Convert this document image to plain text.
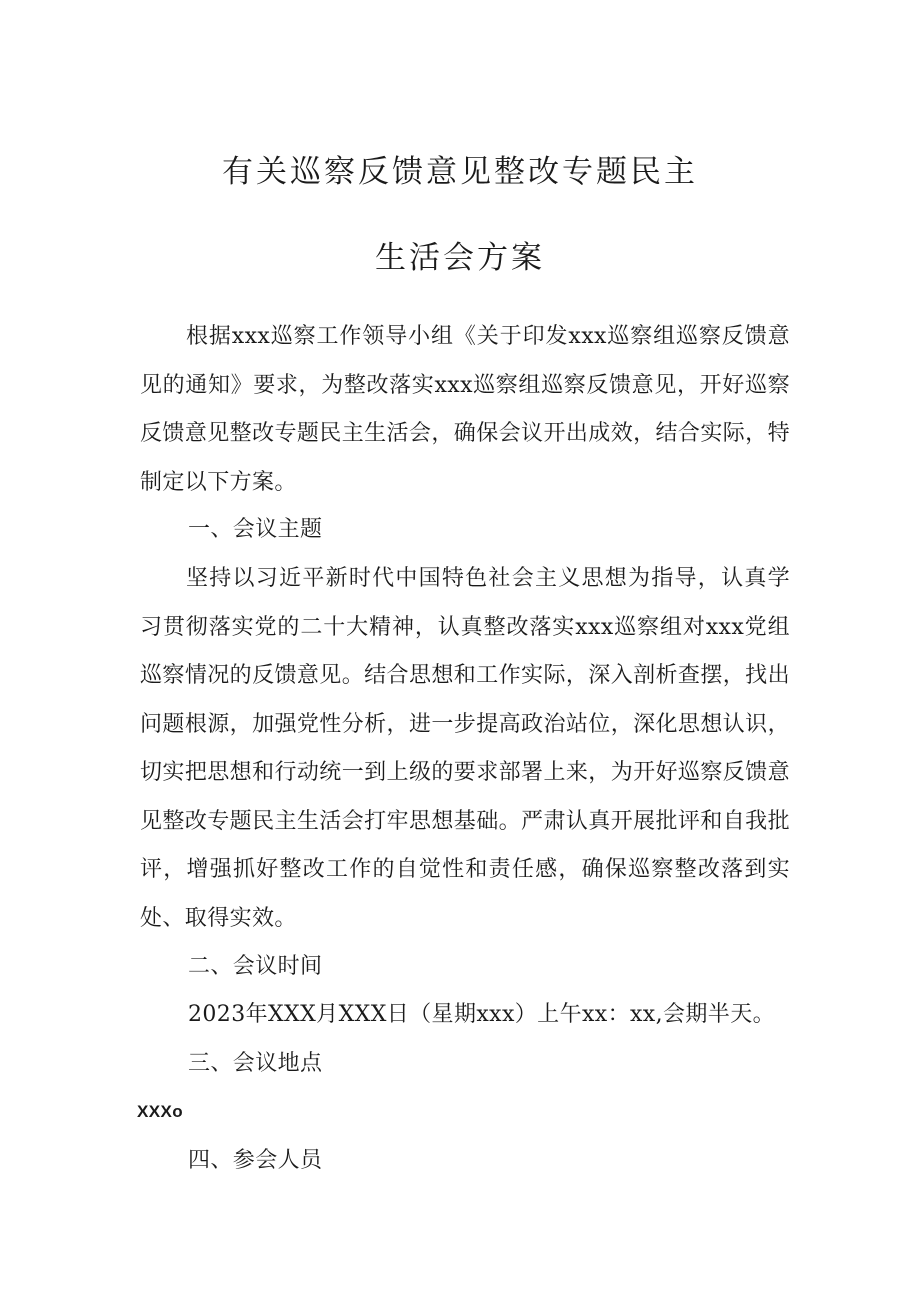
有关巡察反馈意见整改专题民主
生活会方案

根据xxx巡察工作领导小组《关于印发xxx巡察组巡察反馈意见的通知》要求，为整改落实xxx巡察组巡察反馈意见，开好巡察反馈意见整改专题民主生活会，确保会议开出成效，结合实际，特制定以下方案。

一、会议主题

坚持以习近平新时代中国特色社会主义思想为指导，认真学习贯彻落实党的二十大精神，认真整改落实xxx巡察组对xxx党组巡察情况的反馈意见。结合思想和工作实际，深入剖析查摆，找出问题根源，加强党性分析，进一步提高政治站位，深化思想认识，切实把思想和行动统一到上级的要求部署上来，为开好巡察反馈意见整改专题民主生活会打牢思想基础。严肃认真开展批评和自我批评，增强抓好整改工作的自觉性和责任感，确保巡察整改落到实处、取得实效。

二、会议时间

2023年XXX月XXX日（星期xxx）上午xx：xx,会期半天。

三、会议地点

XXXo

四、参会人员
